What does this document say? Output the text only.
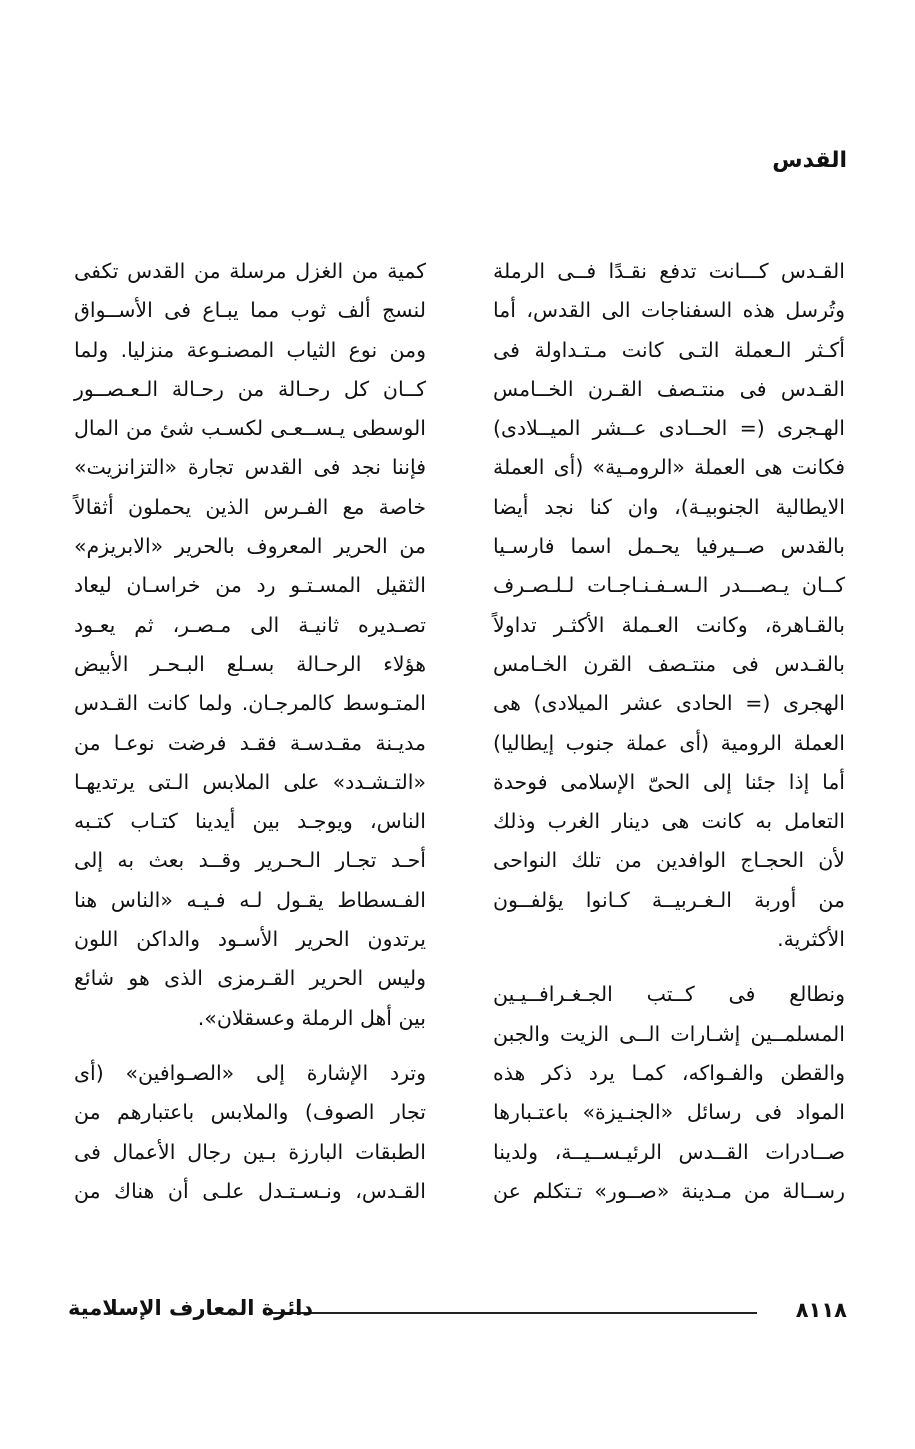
القدس
القـدس كـــانت تدفع نقـدًا فــى الرملة
وتُرسل هذه السفناجات الى القدس، أما
أكـثر الـعملة التـى كانت مـتـداولة فى
القـدس فى منتـصف القـرن الخــامس
الهـجرى (= الحــادى عــشر الميــلادى)
فكانت هى العملة «الرومـية» (أى العملة
الايطالية الجنوبيـة)، وان كنا نجد أيضا
بالقدس صــيرفيا يحـمل اسما فارسـيا
كــان يـصـــدر الـسـفـنـاجـات لـلـصـرف
بالقـاهرة، وكانت العـملة الأكثـر تداولاً
بالقـدس فى منتـصف القرن الخـامس
الهجرى (= الحادى عشر الميلادى) هى
العملة الرومية (أى عملة جنوب إيطاليا)
أما إذا جئنا إلى الحىّ الإسلامى فوحدة
التعامل به كانت هى دينار الغرب وذلك
لأن الحجـاج الوافدين من تلك النواحى
من أوربة الـغـربيــة كـانوا يؤلفــون
الأكثرية.
ونطالع فى كــتب الجـغـرافــيـين
المسلمــين إشـارات الــى الزيت والجبن
والقطن والفـواكه، كمـا يرد ذكر هذه
المواد فى رسائل «الجنـيزة» باعتـبارها
صــادرات القــدس الرئيـســيــة، ولدينا
رســالة من مـدينة «صــور» تـتكلم عن
كمية من الغزل مرسلة من القدس تكفى
لنسج ألف ثوب مما يبـاع فى الأســواق
ومن نوع الثياب المصنـوعة منزليا. ولما
كــان كل رحـالة من رحـالة الـعـصــور
الوسطى يـســعـى لكسـب شئ من المال
فإننا نجد فى القدس تجارة «التزانزيت»
خاصة مع الفـرس الذين يحملون أثقالاً
من الحرير المعروف بالحرير «الابريزم»
الثقيل المسـتـو رد من خراسـان ليعاد
تصـديره ثانيـة الى مـصـر، ثم يعـود
هؤلاء الرحـالة بسـلع البـحـر الأبيض
المتـوسط كالمرجـان. ولما كانت القـدس
مديـنة مقـدسـة فقـد فرضت نوعـا من
«التـشـدد» على الملابس الـتى يرتديهـا
الناس، ويوجـد بين أيدينا كتـاب كتـبه
أحـد تجـار الـحـرير وقــد بعث به إلى
الفـسطاط يقـول لـه فـيـه «الناس هنا
يرتدون الحرير الأسـود والداكن اللون
وليس الحرير القـرمزى الذى هو شائع
بين أهل الرملة وعسقلان».
وترد الإشارة إلى «الصـوافين» (أى
تجار الصوف) والملابس باعتبارهم من
الطبقات البارزة بـين رجال الأعمال فى
القـدس، ونـسـتـدل علـى أن هناك من
٨١١٨
دائرة المعارف الإسلامية
